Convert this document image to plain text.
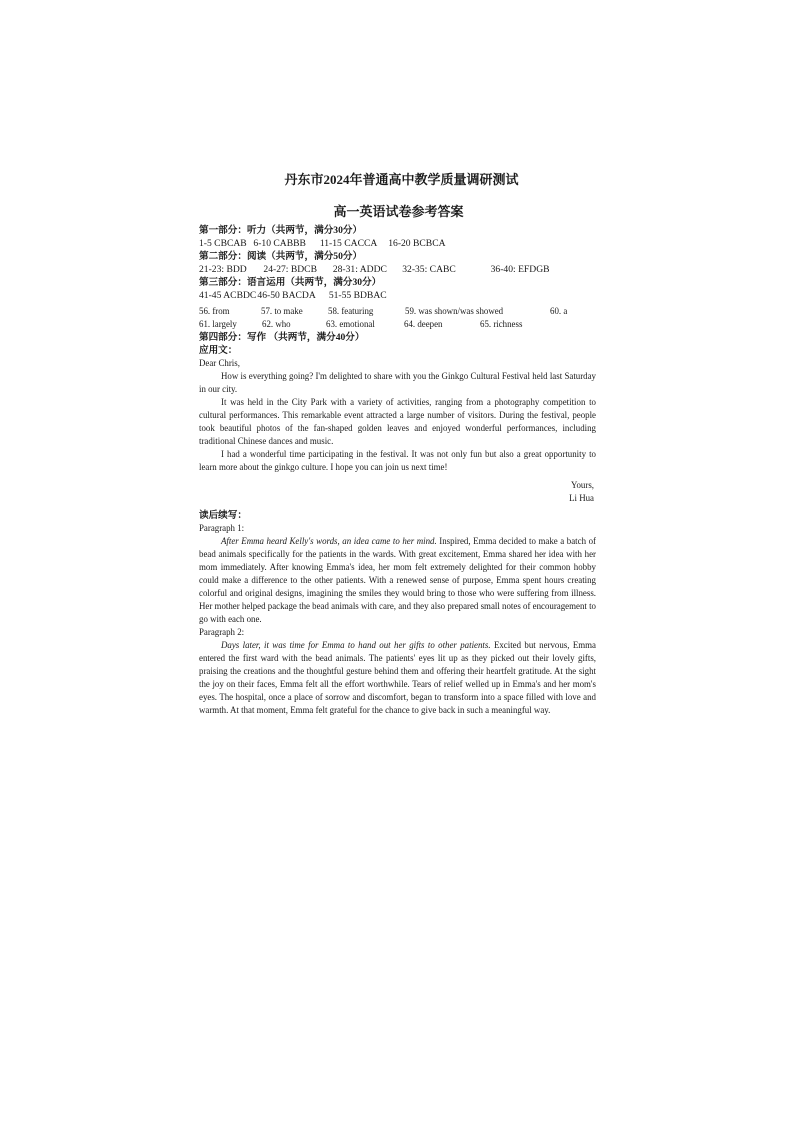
丹东市2024年普通高中教学质量调研测试

高一英语试卷参考答案

第一部分：听力（共两节，满分30分）

1-5 CBCAB 6-10 CABBB 11-15 CACCA 16-20 BCBCA

第二部分：阅读（共两节，满分50分）

21-23: BDD 24-27: BDCB 28-31: ADDC 32-35: CABC	36-40: EFDGB

第三部分：语言运用（共两节，满分30分）

41-45 ACBDC 46-50 BACDA 51-55 BDBAC

56. from	57. to make	58. featuring	59. was shown/was showed	60. a
61. largely	62. who	63. emotional	64. deepen	65. richness

第四部分：写作 （共两节，满分40分）

应用文：

Dear Chris,

How is everything going? I'm delighted to share with you the Ginkgo Cultural Festival held last Saturday in our city.

It was held in the City Park with a variety of activities, ranging from a photography competition to cultural performances. This remarkable event attracted a large number of visitors. During the festival, people took beautiful photos of the fan-shaped golden leaves and enjoyed wonderful performances, including traditional Chinese dances and music.

I had a wonderful time participating in the festival. It was not only fun but also a great opportunity to learn more about the ginkgo culture. I hope you can join us next time!

Yours,

Li Hua

读后续写：

Paragraph 1:

After Emma heard Kelly's words, an idea came to her mind. Inspired, Emma decided to make a batch of bead animals specifically for the patients in the wards. With great excitement, Emma shared her idea with her mom immediately. After knowing Emma's idea, her mom felt extremely delighted for their common hobby could make a difference to the other patients. With a renewed sense of purpose, Emma spent hours creating colorful and original designs, imagining the smiles they would bring to those who were suffering from illness. Her mother helped package the bead animals with care, and they also prepared small notes of encouragement to go with each one.

Paragraph 2:

Days later, it was time for Emma to hand out her gifts to other patients. Excited but nervous, Emma entered the first ward with the bead animals. The patients' eyes lit up as they picked out their lovely gifts, praising the creations and the thoughtful gesture behind them and offering their heartfelt gratitude. At the sight the joy on their faces, Emma felt all the effort worthwhile. Tears of relief welled up in Emma's and her mom's eyes. The hospital, once a place of sorrow and discomfort, began to transform into a space filled with love and warmth. At that moment, Emma felt grateful for the chance to give back in such a meaningful way.
